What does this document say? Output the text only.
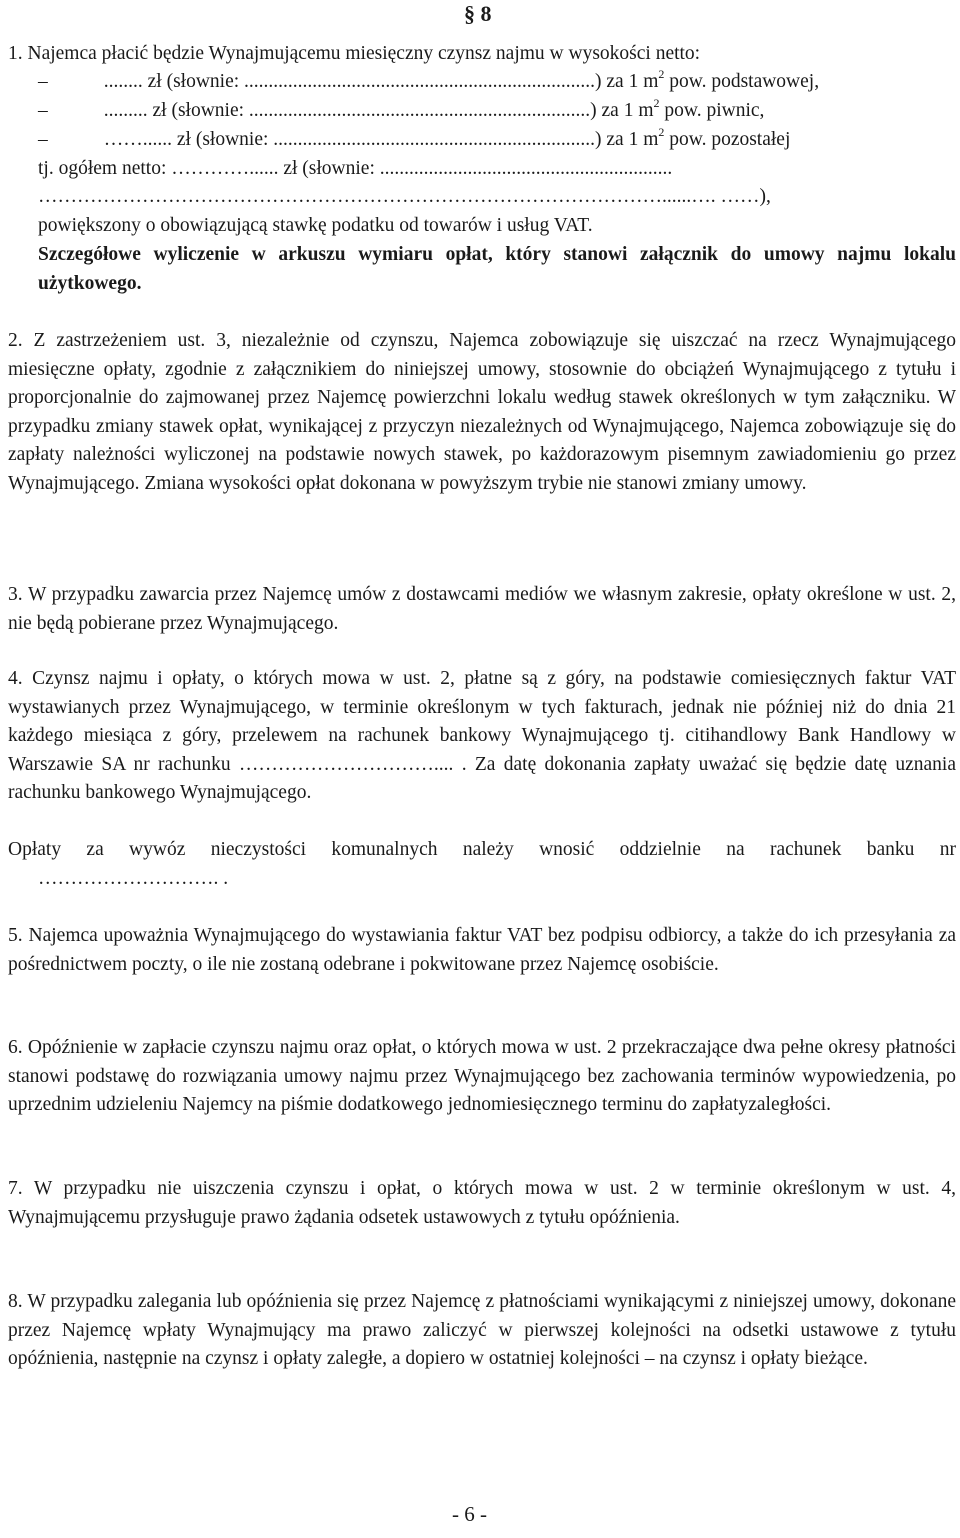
§ 8
1. Najemca płacić będzie Wynajmującemu miesięczny czynsz najmu w wysokości netto:
–	........ zł (słownie: ........................................................................) za 1 $m^2$ pow. podstawowej,
–	......... zł (słownie: ......................................................................) za 1 $m^2$ pow. piwnic,
–	……...... zł (słownie: ..................................................................) za 1 $m^2$ pow. pozostałej
tj. ogółem netto: …………...... zł (słownie: ............................................................
……………………………………………………………………………………......…. ……),
powiększony o obowiązującą stawkę podatku od towarów i usług VAT.
Szczegółowe wyliczenie w arkuszu wymiaru opłat, który stanowi załącznik do umowy najmu lokalu użytkowego.
2. Z zastrzeżeniem ust. 3, niezależnie od czynszu, Najemca zobowiązuje się uiszczać na rzecz Wynajmującego miesięczne opłaty, zgodnie z załącznikiem do niniejszej umowy, stosownie do obciążeń Wynajmującego z tytułu i proporcjonalnie do zajmowanej przez Najemcę powierzchni lokalu według stawek określonych w tym załączniku. W przypadku zmiany stawek opłat, wynikającej z przyczyn niezależnych od Wynajmującego, Najemca zobowiązuje się do zapłaty należności wyliczonej na podstawie nowych stawek, po każdorazowym pisemnym zawiadomieniu go przez Wynajmującego. Zmiana wysokości opłat dokonana w powyższym trybie nie stanowi zmiany umowy.
3. W przypadku zawarcia przez Najemcę umów z dostawcami mediów we własnym zakresie, opłaty określone w ust. 2, nie będą pobierane przez Wynajmującego.
4. Czynsz najmu i opłaty, o których mowa w ust. 2, płatne są z góry, na podstawie comiesięcznych faktur VAT wystawianych przez Wynajmującego, w terminie określonym w tych fakturach, jednak nie później niż do dnia 21 każdego miesiąca z góry, przelewem na rachunek bankowy Wynajmującego tj. citihandlowy Bank Handlowy w Warszawie SA nr rachunku ………………………….... . Za datę dokonania zapłaty uważać się będzie datę uznania rachunku bankowego Wynajmującego.
Opłaty za wywóz nieczystości komunalnych należy wnosić oddzielnie na rachunek banku nr
………………………. .
5. Najemca upoważnia Wynajmującego do wystawiania faktur VAT bez podpisu odbiorcy, a także do ich przesyłania za pośrednictwem poczty, o ile nie zostaną odebrane i pokwitowane przez Najemcę osobiście.
6. Opóźnienie w zapłacie czynszu najmu oraz opłat, o których mowa w ust. 2 przekraczające dwa pełne okresy płatności stanowi podstawę do rozwiązania umowy najmu przez Wynajmującego bez zachowania terminów wypowiedzenia, po uprzednim udzieleniu Najemcy na piśmie dodatkowego jednomiesięcznego terminu do zapłatyzaległości.
7. W przypadku nie uiszczenia czynszu i opłat, o których mowa w ust. 2 w terminie określonym w ust. 4, Wynajmującemu przysługuje prawo żądania odsetek ustawowych z tytułu opóźnienia.
8. W przypadku zalegania lub opóźnienia się przez Najemcę z płatnościami wynikającymi z niniejszej umowy, dokonane przez Najemcę wpłaty Wynajmujący ma prawo zaliczyć w pierwszej kolejności na odsetki ustawowe z tytułu opóźnienia, następnie na czynsz i opłaty zaległe, a dopiero w ostatniej kolejności – na czynsz i opłaty bieżące.
- 6 -
